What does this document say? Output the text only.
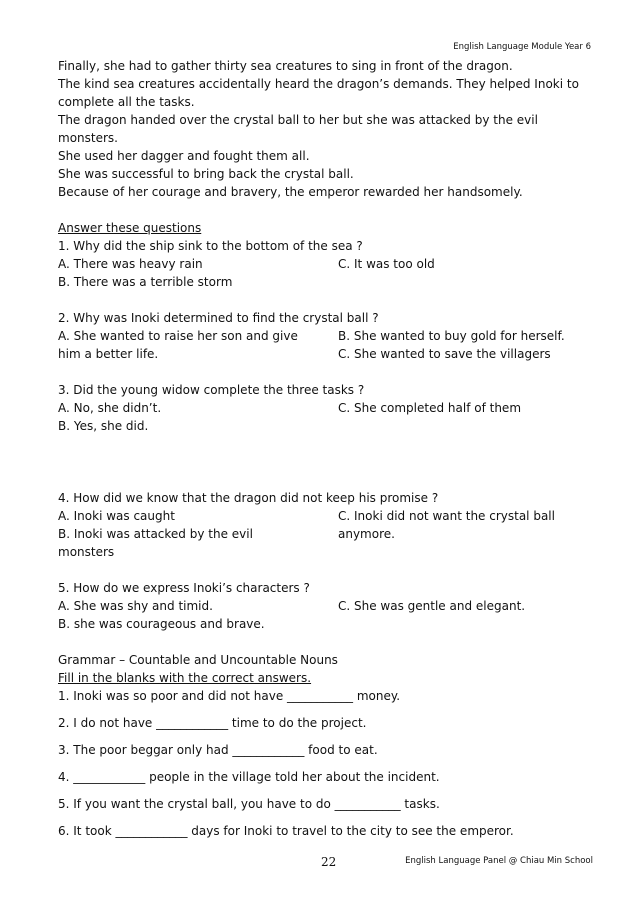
English Language Module Year 6
Finally, she had to gather thirty sea creatures to sing in front of the dragon.
The kind sea creatures accidentally heard the dragon’s demands. They helped Inoki to
complete all the tasks.
The dragon handed over the crystal ball to her but she was attacked by the evil
monsters.
She used her dagger and fought them all.
She was successful to bring back the crystal ball.
Because of her courage and bravery, the emperor rewarded her handsomely.
Answer these questions
1. Why did the ship sink to the bottom of the sea ?
A. There was heavy rain	C. It was too old
B. There was a terrible storm
2. Why was Inoki determined to find the crystal ball ?
A. She wanted to raise her son and give	B. She wanted to buy gold for herself.
him a better life.	C. She wanted to save the villagers
3. Did the young widow complete the three tasks ?
A. No, she didn’t.	C. She completed half of them
B. Yes, she did.
4. How did we know that the dragon did not keep his promise ?
A. Inoki was caught	C. Inoki did not want the crystal ball
B. Inoki was attacked by the evil	anymore.
monsters
5. How do we express Inoki’s characters ?
A. She was shy and timid.	C. She was gentle and elegant.
B. she was courageous and brave.
Grammar – Countable and Uncountable Nouns
Fill in the blanks with the correct answers.
1. Inoki was so poor and did not have ___________ money.
2. I do not have ____________ time to do the project.
3. The poor beggar only had ____________ food to eat.
4. ____________ people in the village told her about the incident.
5. If you want the crystal ball, you have to do ___________ tasks.
6. It took ____________ days for Inoki to travel to the city to see the emperor.
22	English Language Panel @ Chiau Min School
